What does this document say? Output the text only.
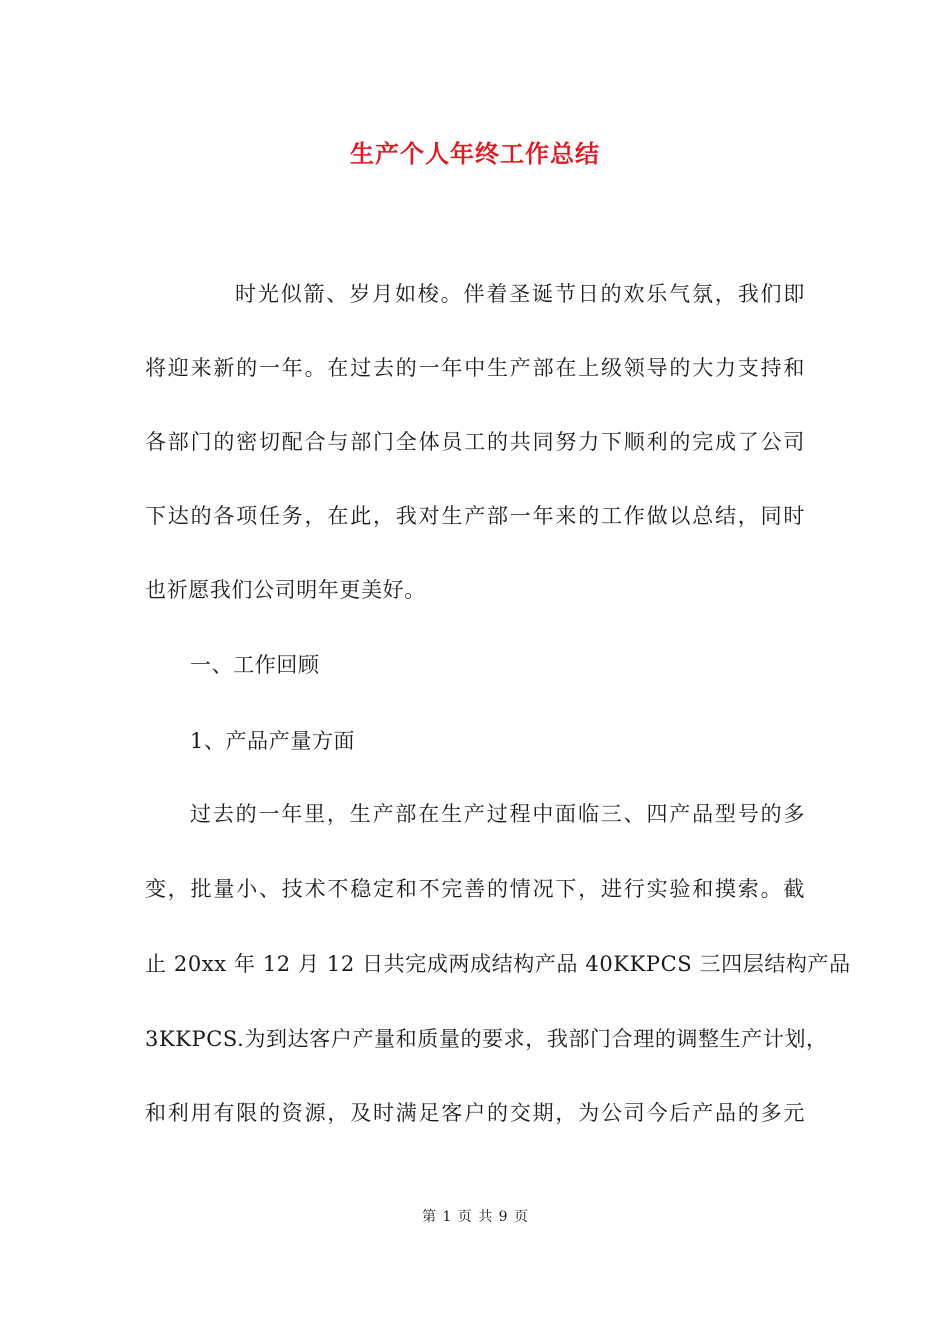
生产个人年终工作总结
时光似箭、岁月如梭。伴着圣诞节日的欢乐气氛，我们即
将迎来新的一年。在过去的一年中生产部在上级领导的大力支持和
各部门的密切配合与部门全体员工的共同努力下顺利的完成了公司
下达的各项任务，在此，我对生产部一年来的工作做以总结，同时
也祈愿我们公司明年更美好。
一、工作回顾
1、产品产量方面
过去的一年里，生产部在生产过程中面临三、四产品型号的多
变，批量小、技术不稳定和不完善的情况下，进行实验和摸索。截
止 20xx 年 12 月 12 日共完成两成结构产品 40KKPCS 三四层结构产品
3KKPCS.为到达客户产量和质量的要求，我部门合理的调整生产计划，
和利用有限的资源，及时满足客户的交期，为公司今后产品的多元
第 1 页 共 9 页
